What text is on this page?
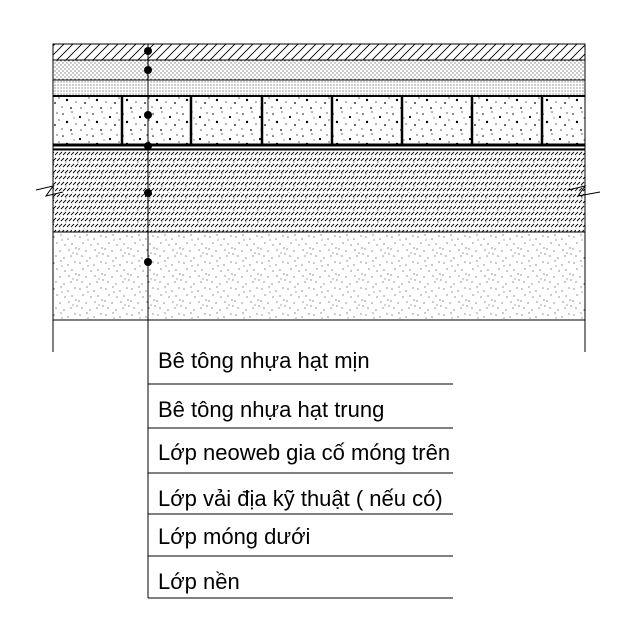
Bê tông nhựa hạt mịn
Bê tông nhựa hạt trung
Lớp neoweb gia cố móng trên
Lớp vải địa kỹ thuật ( nếu có)
Lớp móng dưới
Lớp nền
